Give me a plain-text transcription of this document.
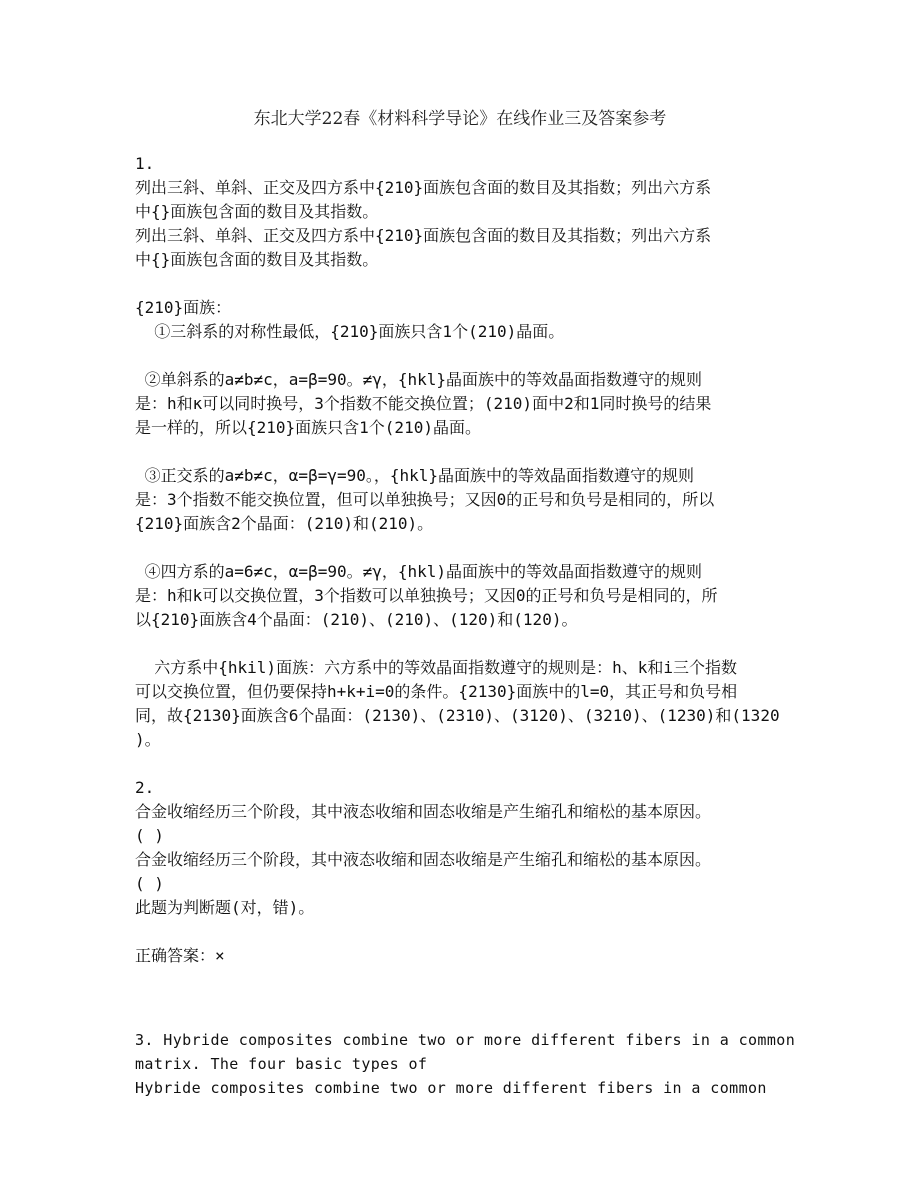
东北大学22春《材料科学导论》在线作业三及答案参考
1.
列出三斜、单斜、正交及四方系中{210}面族包含面的数目及其指数；列出六方系
中{}面族包含面的数目及其指数。
列出三斜、单斜、正交及四方系中{210}面族包含面的数目及其指数；列出六方系
中{}面族包含面的数目及其指数。
{210}面族：
①三斜系的对称性最低，{210}面族只含1个(210)晶面。
②单斜系的a≠b≠c，a=β=90。≠γ，{hkl}晶面族中的等效晶面指数遵守的规则
是：h和κ可以同时换号，3个指数不能交换位置；(210)面中2和1同时换号的结果
是一样的，所以{210}面族只含1个(210)晶面。
③正交系的a≠b≠c，α=β=γ=90。，{hkl}晶面族中的等效晶面指数遵守的规则
是：3个指数不能交换位置，但可以单独换号；又因0的正号和负号是相同的，所以
{210}面族含2个晶面：(210)和(210)。
④四方系的a=6≠c，α=β=90。≠γ，{hkl)晶面族中的等效晶面指数遵守的规则
是：h和k可以交换位置，3个指数可以单独换号；又因0的正号和负号是相同的，所
以{210}面族含4个晶面：(210)、(210)、(120)和(120)。
六方系中{hkil)面族：六方系中的等效晶面指数遵守的规则是：h、k和i三个指数
可以交换位置，但仍要保持h+k+i=0的条件。{2130}面族中的l=0，其正号和负号相
同，故{2130}面族含6个晶面：(2130)、(2310)、(3120)、(3210)、(1230)和(1320
)。
2.
合金收缩经历三个阶段，其中液态收缩和固态收缩是产生缩孔和缩松的基本原因。
( )
合金收缩经历三个阶段，其中液态收缩和固态收缩是产生缩孔和缩松的基本原因。
( )
此题为判断题(对，错)。
正确答案：×
3. Hybride composites combine two or more different fibers in a common
matrix. The four basic types of
Hybride composites combine two or more different fibers in a common
